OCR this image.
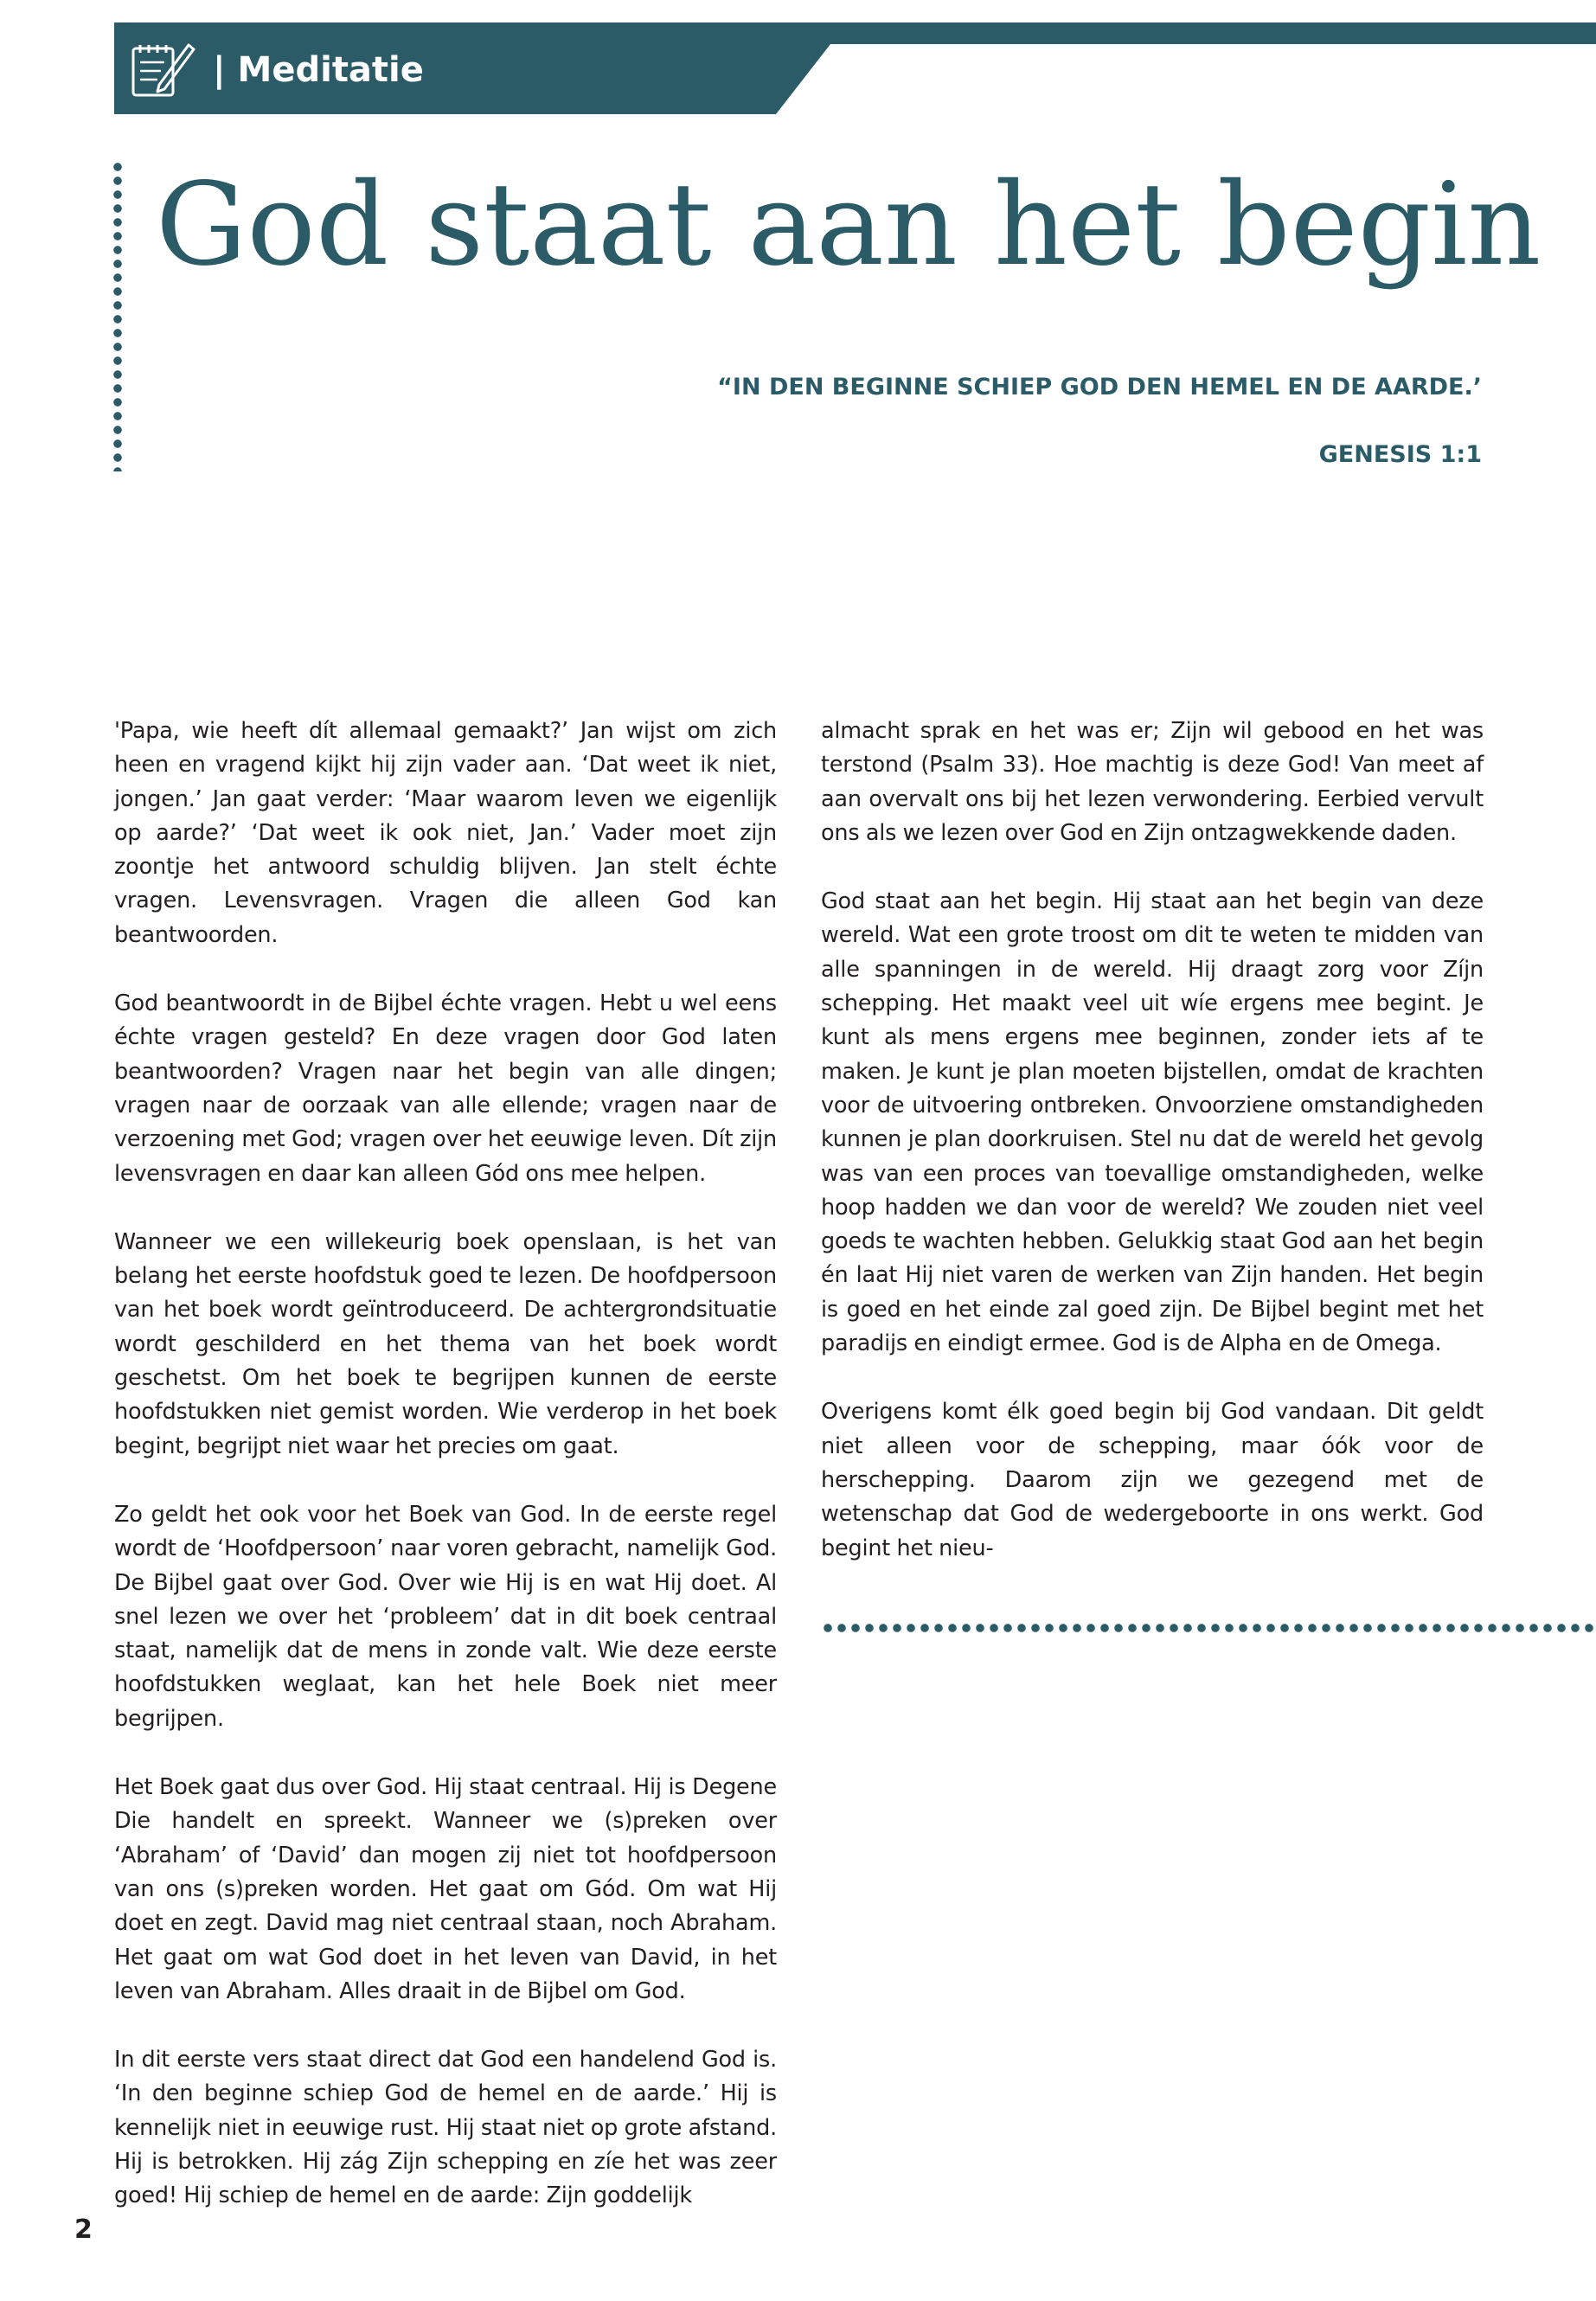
| Meditatie
God staat aan het begin

“IN DEN BEGINNE SCHIEP GOD DEN HEMEL EN DE AARDE.’

GENESIS 1:1

'Papa, wie heeft dít allemaal gemaakt?’ Jan wijst om zich heen en vragend kijkt hij zijn vader aan. ‘Dat weet ik niet, jongen.’ Jan gaat verder: ‘Maar waarom leven we eigenlijk op aarde?’ ‘Dat weet ik ook niet, Jan.’ Vader moet zijn zoontje het antwoord schuldig blijven. Jan stelt échte vragen. Levensvragen. Vragen die alleen God kan beantwoorden.

God beantwoordt in de Bijbel échte vragen. Hebt u wel eens échte vragen gesteld? En deze vragen door God laten beantwoorden? Vragen naar het begin van alle dingen; vragen naar de oorzaak van alle ellende; vragen naar de verzoening met God; vragen over het eeuwige leven. Dít zijn levensvragen en daar kan alleen Gód ons mee helpen.

Wanneer we een willekeurig boek openslaan, is het van belang het eerste hoofdstuk goed te lezen. De hoofdpersoon van het boek wordt geïntroduceerd. De achtergrondsituatie wordt geschilderd en het thema van het boek wordt geschetst. Om het boek te begrijpen kunnen de eerste hoofdstukken niet gemist worden. Wie verderop in het boek begint, begrijpt niet waar het precies om gaat.

Zo geldt het ook voor het Boek van God. In de eerste regel wordt de ‘Hoofdpersoon’ naar voren gebracht, namelijk God. De Bijbel gaat over God. Over wie Hij is en wat Hij doet. Al snel lezen we over het ‘probleem’ dat in dit boek centraal staat, namelijk dat de mens in zonde valt. Wie deze eerste hoofdstukken weglaat, kan het hele Boek niet meer begrijpen.

Het Boek gaat dus over God. Hij staat centraal. Hij is Degene Die handelt en spreekt. Wanneer we (s)preken over ‘Abraham’ of ‘David’ dan mogen zij niet tot hoofdpersoon van ons (s)preken worden. Het gaat om Gód. Om wat Hij doet en zegt. David mag niet centraal staan, noch Abraham. Het gaat om wat God doet in het leven van David, in het leven van Abraham. Alles draait in de Bijbel om God.

In dit eerste vers staat direct dat God een handelend God is. ‘In den beginne schiep God de hemel en de aarde.’ Hij is kennelijk niet in eeuwige rust. Hij staat niet op grote afstand. Hij is betrokken. Hij zág Zijn schepping en zíe het was zeer goed! Hij schiep de hemel en de aarde: Zijn goddelijk

almacht sprak en het was er; Zijn wil gebood en het was terstond (Psalm 33). Hoe machtig is deze God! Van meet af aan overvalt ons bij het lezen verwondering. Eerbied vervult ons als we lezen over God en Zijn ontzagwekkende daden.

God staat aan het begin. Hij staat aan het begin van deze wereld. Wat een grote troost om dit te weten te midden van alle spanningen in de wereld. Hij draagt zorg voor Zíjn schepping. Het maakt veel uit wíe ergens mee begint. Je kunt als mens ergens mee beginnen, zonder iets af te maken. Je kunt je plan moeten bijstellen, omdat de krachten voor de uitvoering ontbreken. Onvoorziene omstandigheden kunnen je plan doorkruisen. Stel nu dat de wereld het gevolg was van een proces van toevallige omstandigheden, welke hoop hadden we dan voor de wereld? We zouden niet veel goeds te wachten hebben. Gelukkig staat God aan het begin én laat Hij niet varen de werken van Zijn handen. Het begin is goed en het einde zal goed zijn. De Bijbel begint met het paradijs en eindigt ermee. God is de Alpha en de Omega.

Overigens komt élk goed begin bij God vandaan. Dit geldt niet alleen voor de schepping, maar óók voor de herschepping. Daarom zijn we gezegend met de wetenschap dat God de wedergeboorte in ons werkt. God begint het nieu-

2
